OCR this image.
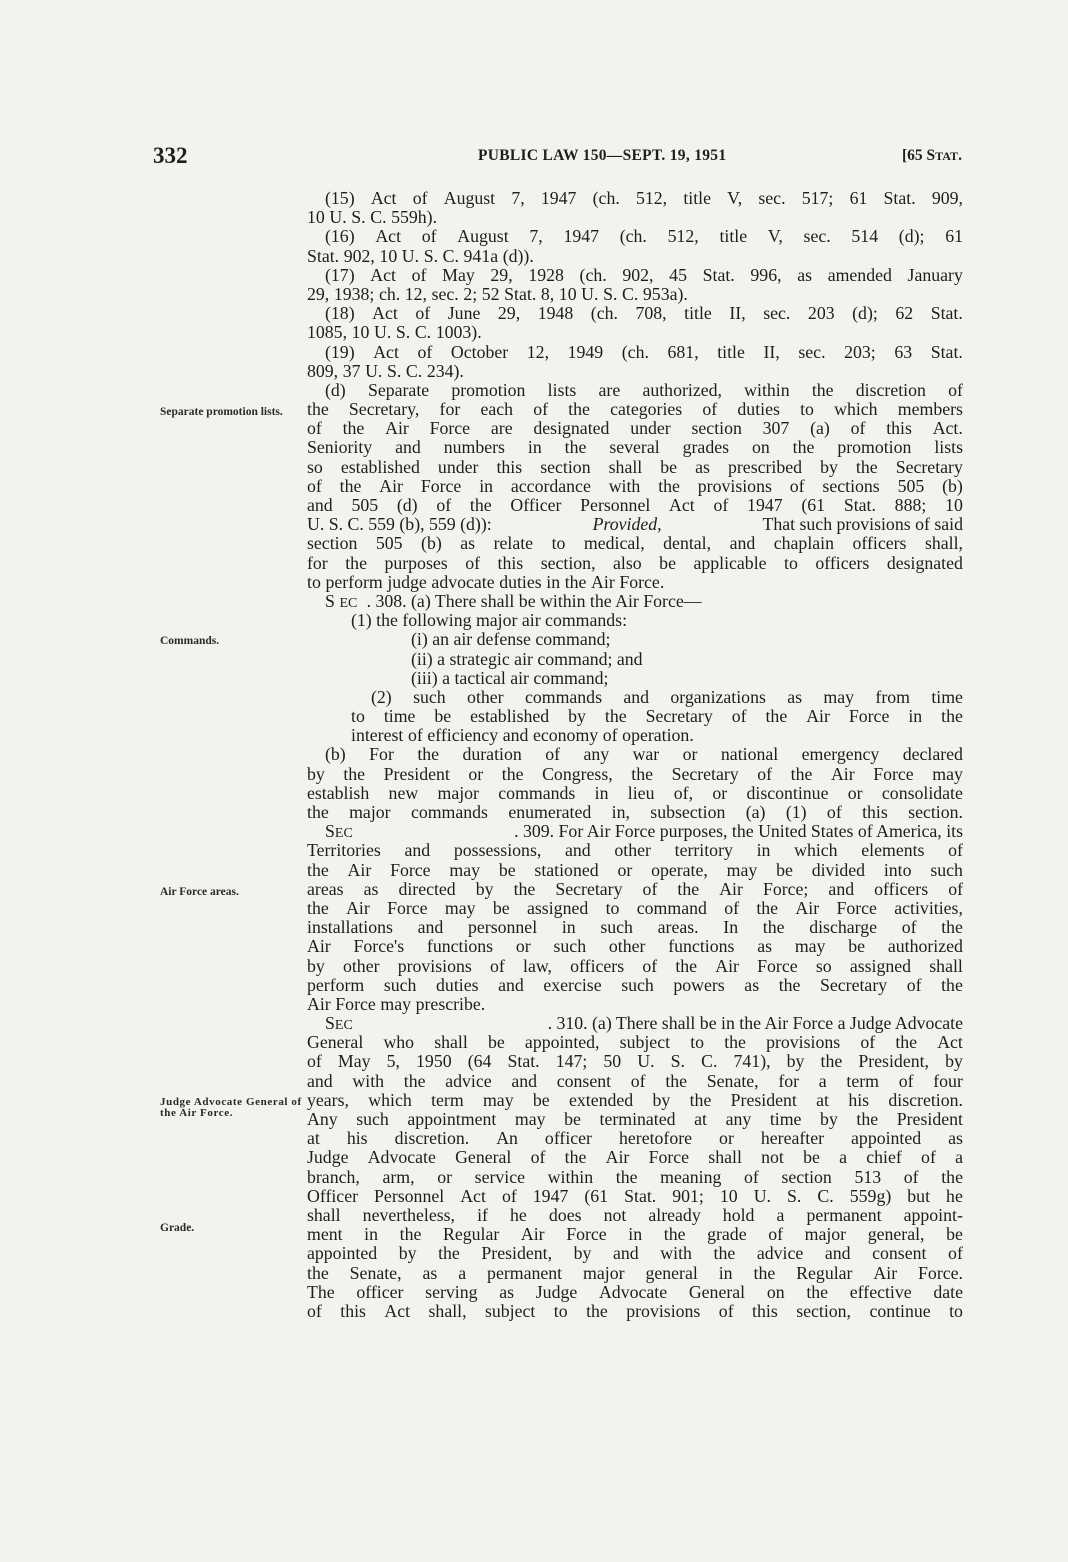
332	PUBLIC LAW 150—SEPT. 19, 1951	[65 STAT.
Separate promotion lists.
Commands.
Air Force areas.
Judge Advocate General of the Air Force.
Grade.
(15) Act of August 7, 1947 (ch. 512, title V, sec. 517; 61 Stat. 909,
10 U. S. C. 559h).
(16) Act of August 7, 1947 (ch. 512, title V, sec. 514 (d); 61
Stat. 902, 10 U. S. C. 941a (d)).
(17) Act of May 29, 1928 (ch. 902, 45 Stat. 996, as amended January
29, 1938; ch. 12, sec. 2; 52 Stat. 8, 10 U. S. C. 953a).
(18) Act of June 29, 1948 (ch. 708, title II, sec. 203 (d); 62 Stat.
1085, 10 U. S. C. 1003).
(19) Act of October 12, 1949 (ch. 681, title II, sec. 203; 63 Stat.
809, 37 U. S. C. 234).
(d) Separate promotion lists are authorized, within the discretion of
the Secretary, for each of the categories of duties to which members
of the Air Force are designated under section 307 (a) of this Act.
Seniority and numbers in the several grades on the promotion lists
so established under this section shall be as prescribed by the Secretary
of the Air Force in accordance with the provisions of sections 505 (b)
and 505 (d) of the Officer Personnel Act of 1947 (61 Stat. 888; 10
U. S. C. 559 (b), 559 (d)):	Provided,	That such provisions of said
section 505 (b) as relate to medical, dental, and chaplain officers shall,
for the purposes of this section, also be applicable to officers designated
to perform judge advocate duties in the Air Force.
S EC . 308. (a) There shall be within the Air Force—
(1) the following major air commands:
(i) an air defense command;
(ii) a strategic air command; and
(iii) a tactical air command;
(2) such other commands and organizations as may from time
to time be established by the Secretary of the Air Force in the
interest of efficiency and economy of operation.
(b) For the duration of any war or national emergency declared
by the President or the Congress, the Secretary of the Air Force may
establish new major commands in lieu of, or discontinue or consolidate
the major commands enumerated in, subsection (a) (1) of this section.
SEC	. 309. For Air Force purposes, the United States of America, its
Territories and possessions, and other territory in which elements of
the Air Force may be stationed or operate, may be divided into such
areas as directed by the Secretary of the Air Force; and officers of
the Air Force may be assigned to command of the Air Force activities,
installations and personnel in such areas. In the discharge of the
Air Force's functions or such other functions as may be authorized
by other provisions of law, officers of the Air Force so assigned shall
perform such duties and exercise such powers as the Secretary of the
Air Force may prescribe.
SEC	. 310. (a) There shall be in the Air Force a Judge Advocate
General who shall be appointed, subject to the provisions of the Act
of May 5, 1950 (64 Stat. 147; 50 U. S. C. 741), by the President, by
and with the advice and consent of the Senate, for a term of four
years, which term may be extended by the President at his discretion.
Any such appointment may be terminated at any time by the President
at his discretion. An officer heretofore or hereafter appointed as
Judge Advocate General of the Air Force shall not be a chief of a
branch, arm, or service within the meaning of section 513 of the
Officer Personnel Act of 1947 (61 Stat. 901; 10 U. S. C. 559g) but he
shall nevertheless, if he does not already hold a permanent appoint-
ment in the Regular Air Force in the grade of major general, be
appointed by the President, by and with the advice and consent of
the Senate, as a permanent major general in the Regular Air Force.
The officer serving as Judge Advocate General on the effective date
of this Act shall, subject to the provisions of this section, continue to
